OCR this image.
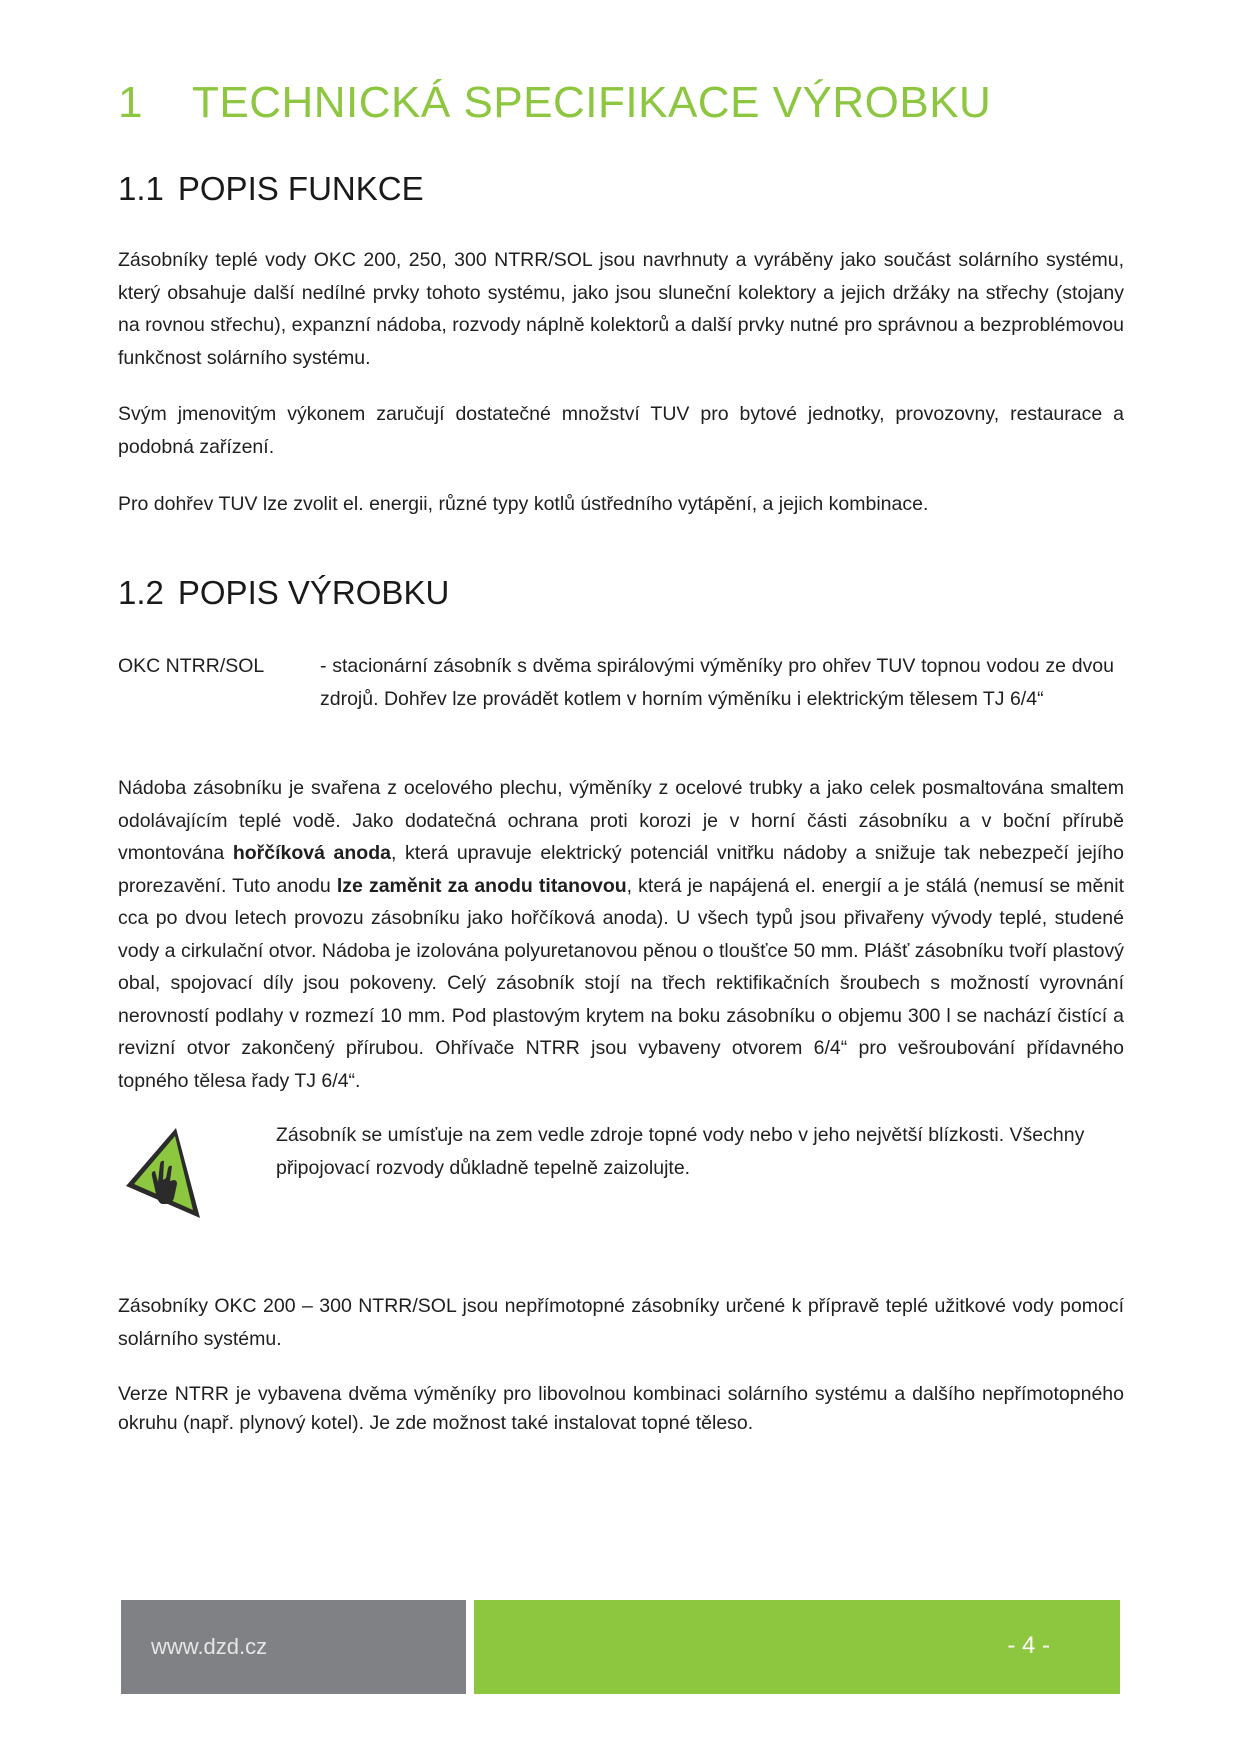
1 TECHNICKÁ SPECIFIKACE VÝROBKU
1.1 POPIS FUNKCE

Zásobníky teplé vody OKC 200, 250, 300 NTRR/SOL jsou navrhnuty a vyráběny jako součást solárního systému, který obsahuje další nedílné prvky tohoto systému, jako jsou sluneční kolektory a jejich držáky na střechy (stojany na rovnou střechu), expanzní nádoba, rozvody náplně kolektorů a další prvky nutné pro správnou a bezproblémovou funkčnost solárního systému.

Svým jmenovitým výkonem zaručují dostatečné množství TUV pro bytové jednotky, provozovny, restaurace a podobná zařízení.

Pro dohřev TUV lze zvolit el. energii, různé typy kotlů ústředního vytápění, a jejich kombinace.

1.2 POPIS VÝROBKU

OKC NTRR/SOL	- stacionární zásobník s dvěma spirálovými výměníky pro ohřev TUV topnou vodou ze dvou zdrojů. Dohřev lze provádět kotlem v horním výměníku i elektrickým tělesem TJ 6/4“

Nádoba zásobníku je svařena z ocelového plechu, výměníky z ocelové trubky a jako celek posmaltována smaltem odolávajícím teplé vodě. Jako dodatečná ochrana proti korozi je v horní části zásobníku a v boční přírubě vmontována hořčíková anoda, která upravuje elektrický potenciál vnitřku nádoby a snižuje tak nebezpečí jejího prorezavění. Tuto anodu lze zaměnit za anodu titanovou, která je napájená el. energií a je stálá (nemusí se měnit cca po dvou letech provozu zásobníku jako hořčíková anoda). U všech typů jsou přivařeny vývody teplé, studené vody a cirkulační otvor. Nádoba je izolována polyuretanovou pěnou o tloušťce 50 mm. Plášť zásobníku tvoří plastový obal, spojovací díly jsou pokoveny. Celý zásobník stojí na třech rektifikačních šroubech s možností vyrovnání nerovností podlahy v rozmezí 10 mm. Pod plastovým krytem na boku zásobníku o objemu 300 l se nachází čistící a revizní otvor zakončený přírubou. Ohřívače NTRR jsou vybaveny otvorem 6/4“ pro vešroubování přídavného topného tělesa řady TJ 6/4“.

Zásobník se umísťuje na zem vedle zdroje topné vody nebo v jeho největší blízkosti. Všechny připojovací rozvody důkladně tepelně zaizolujte.

Zásobníky OKC 200 – 300 NTRR/SOL jsou nepřímotopné zásobníky určené k přípravě teplé užitkové vody pomocí solárního systému.

Verze NTRR je vybavena dvěma výměníky pro libovolnou kombinaci solárního systému a dalšího nepřímotopného okruhu (např. plynový kotel). Je zde možnost také instalovat topné těleso.

www.dzd.cz	- 4 -
